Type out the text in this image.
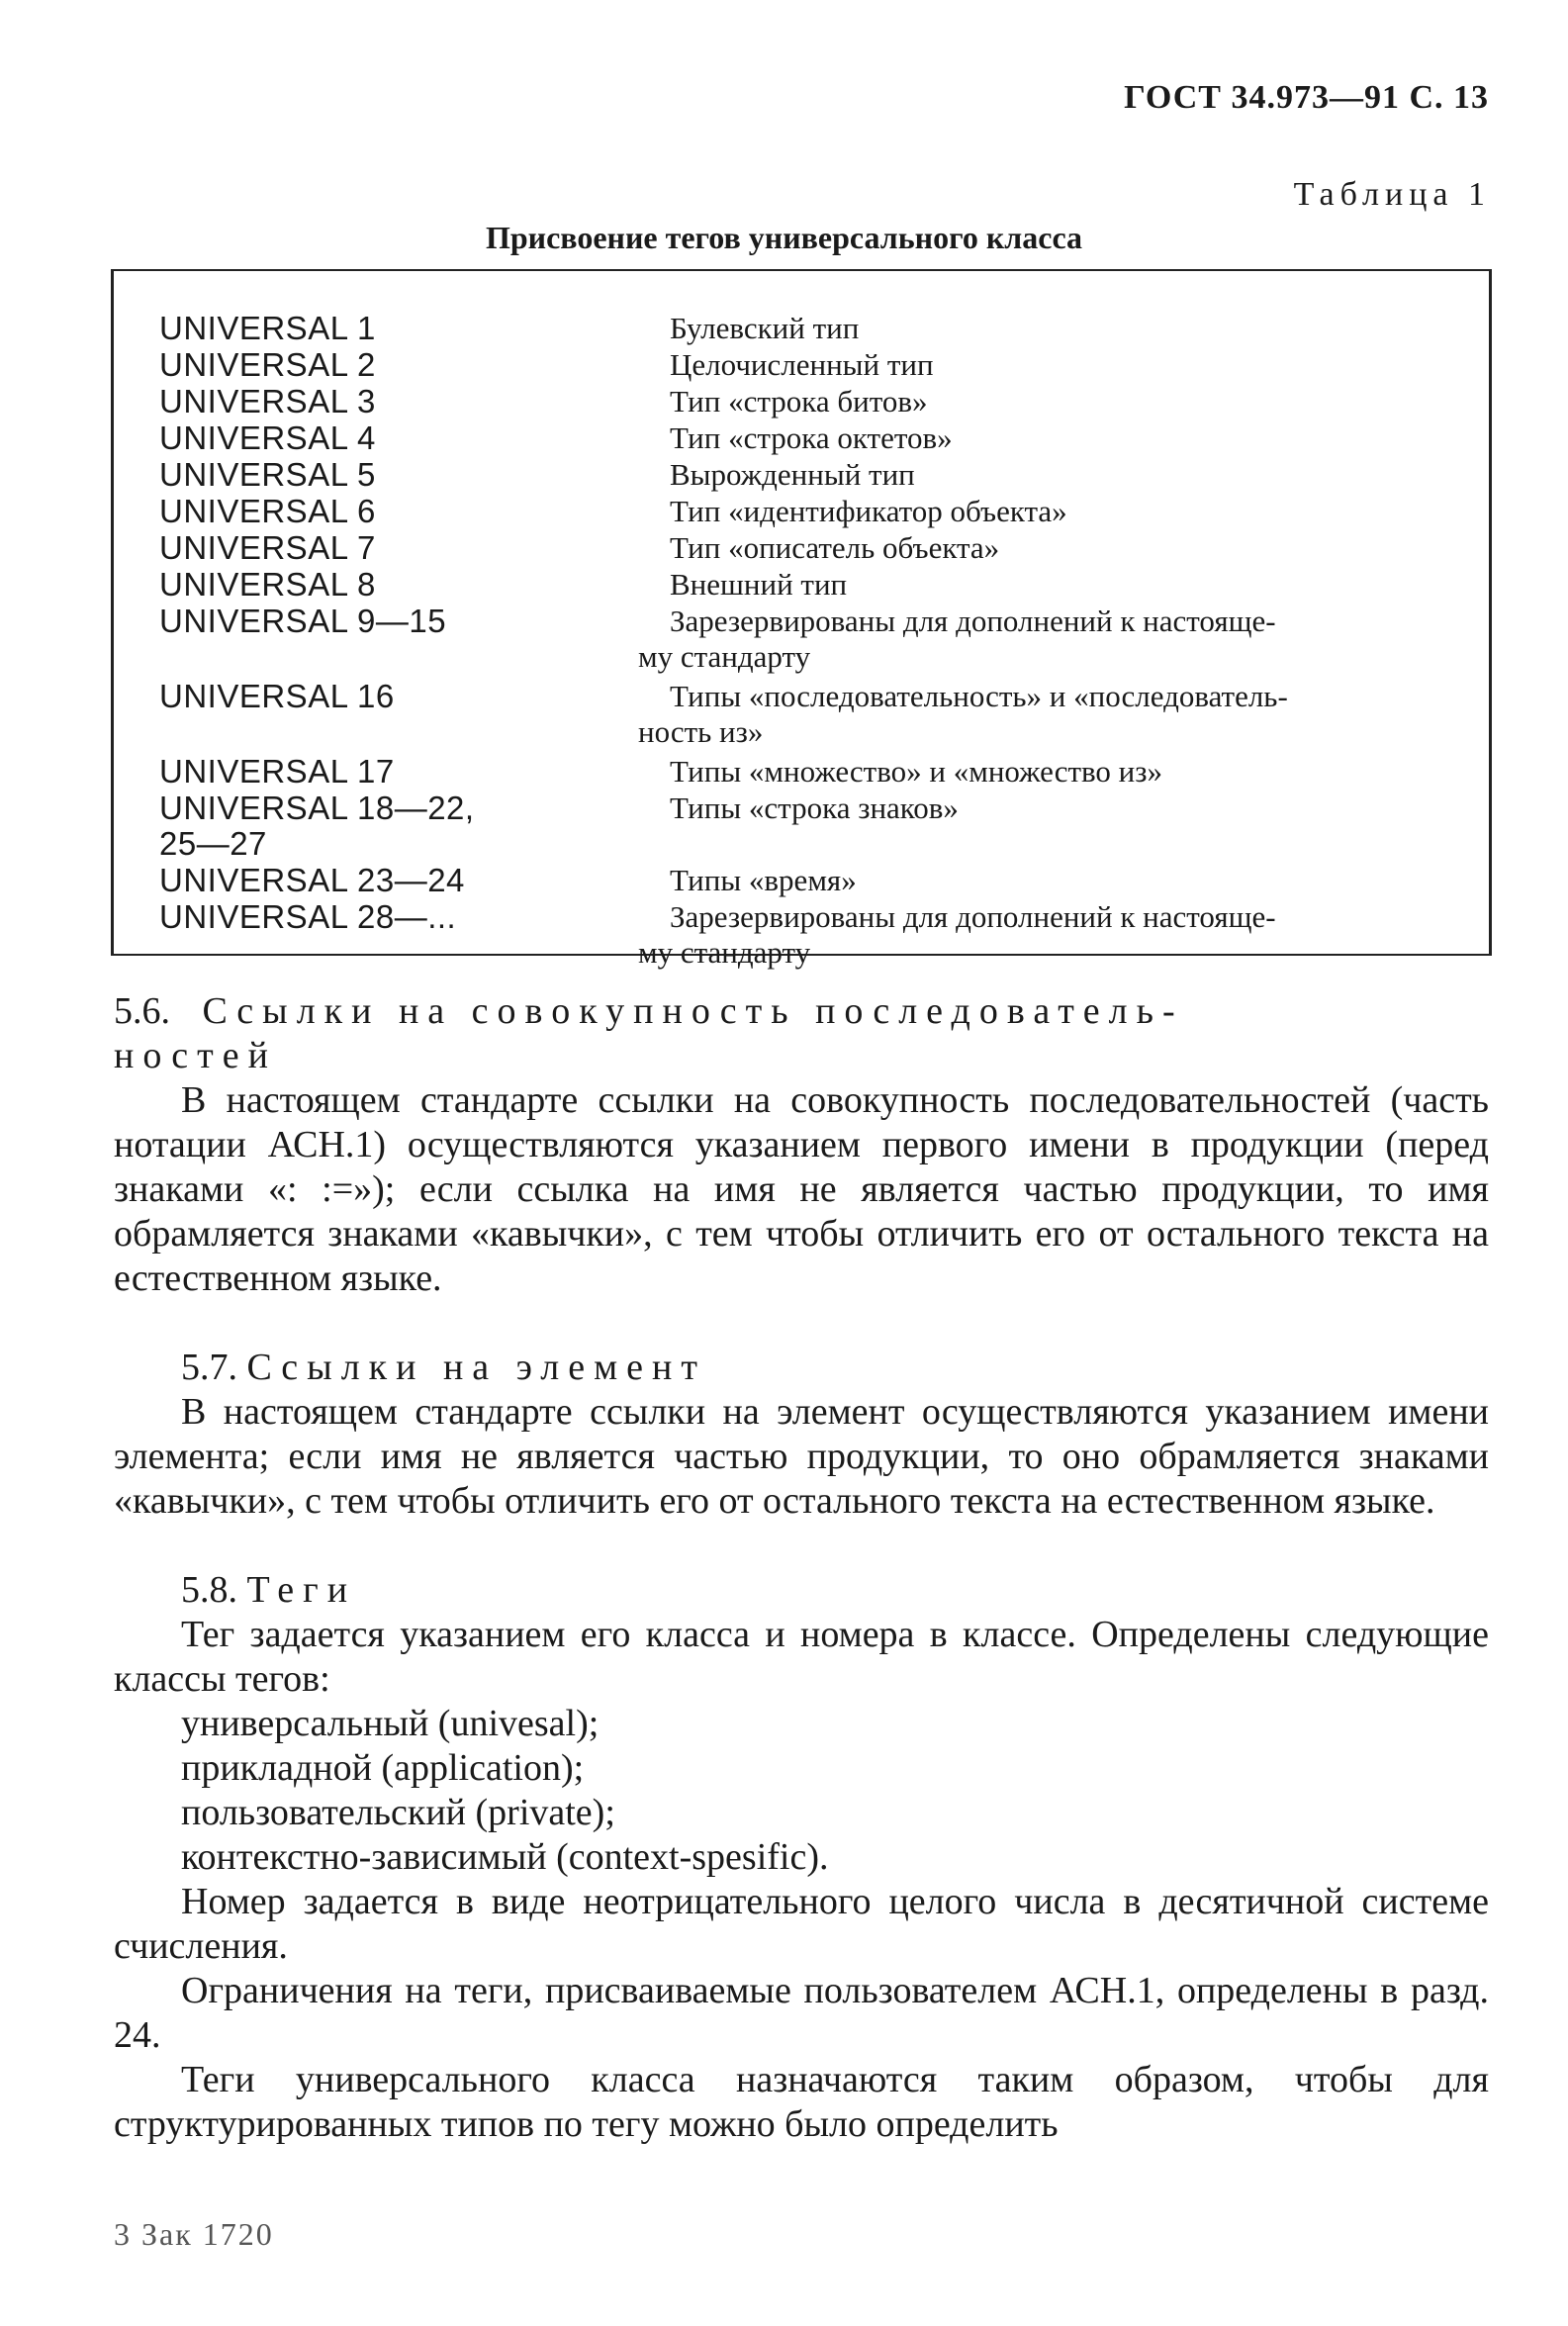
ГОСТ 34.973—91 С. 13
Таблица 1
Присвоение тегов универсального класса
UNIVERSAL 1	Булевский тип
UNIVERSAL 2	Целочисленный тип
UNIVERSAL 3	Тип «строка битов»
UNIVERSAL 4	Тип «строка октетов»
UNIVERSAL 5	Вырожденный тип
UNIVERSAL 6	Тип «идентификатор объекта»
UNIVERSAL 7	Тип «описатель объекта»
UNIVERSAL 8	Внешний тип
UNIVERSAL 9—15	Зарезервированы для дополнений к настояще-
му стандарту
UNIVERSAL 16	Типы «последовательность» и «последователь-
ность из»
UNIVERSAL 17	Типы «множество» и «множество из»
UNIVERSAL 18—22,	Типы «строка знаков»
25—27
UNIVERSAL 23—24	Типы «время»
UNIVERSAL 28—...	Зарезервированы для дополнений к настояще-
му стандарту
5.6. Ссылки на совокупность последователь-
ностей
В настоящем стандарте ссылки на совокупность последовательностей (часть нотации АСН.1) осуществляются указанием первого имени в продукции (перед знаками «: :=»); если ссылка на имя не является частью продукции, то имя обрамляется знаками «кавычки», с тем чтобы отличить его от остального текста на естественном языке.
5.7. Ссылки на элемент
В настоящем стандарте ссылки на элемент осуществляются указанием имени элемента; если имя не является частью продукции, то оно обрамляется знаками «кавычки», с тем чтобы отличить его от остального текста на естественном языке.
5.8. Теги
Тег задается указанием его класса и номера в классе. Определены следующие классы тегов:
универсальный (univesal);
прикладной (application);
пользовательский (private);
контекстно-зависимый (context-spesific).
Номер задается в виде неотрицательного целого числа в десятичной системе счисления.
Ограничения на теги, присваиваемые пользователем АСН.1, определены в разд. 24.
Теги универсального класса назначаются таким образом, чтобы для структурированных типов по тегу можно было определить
3 Зак 1720
